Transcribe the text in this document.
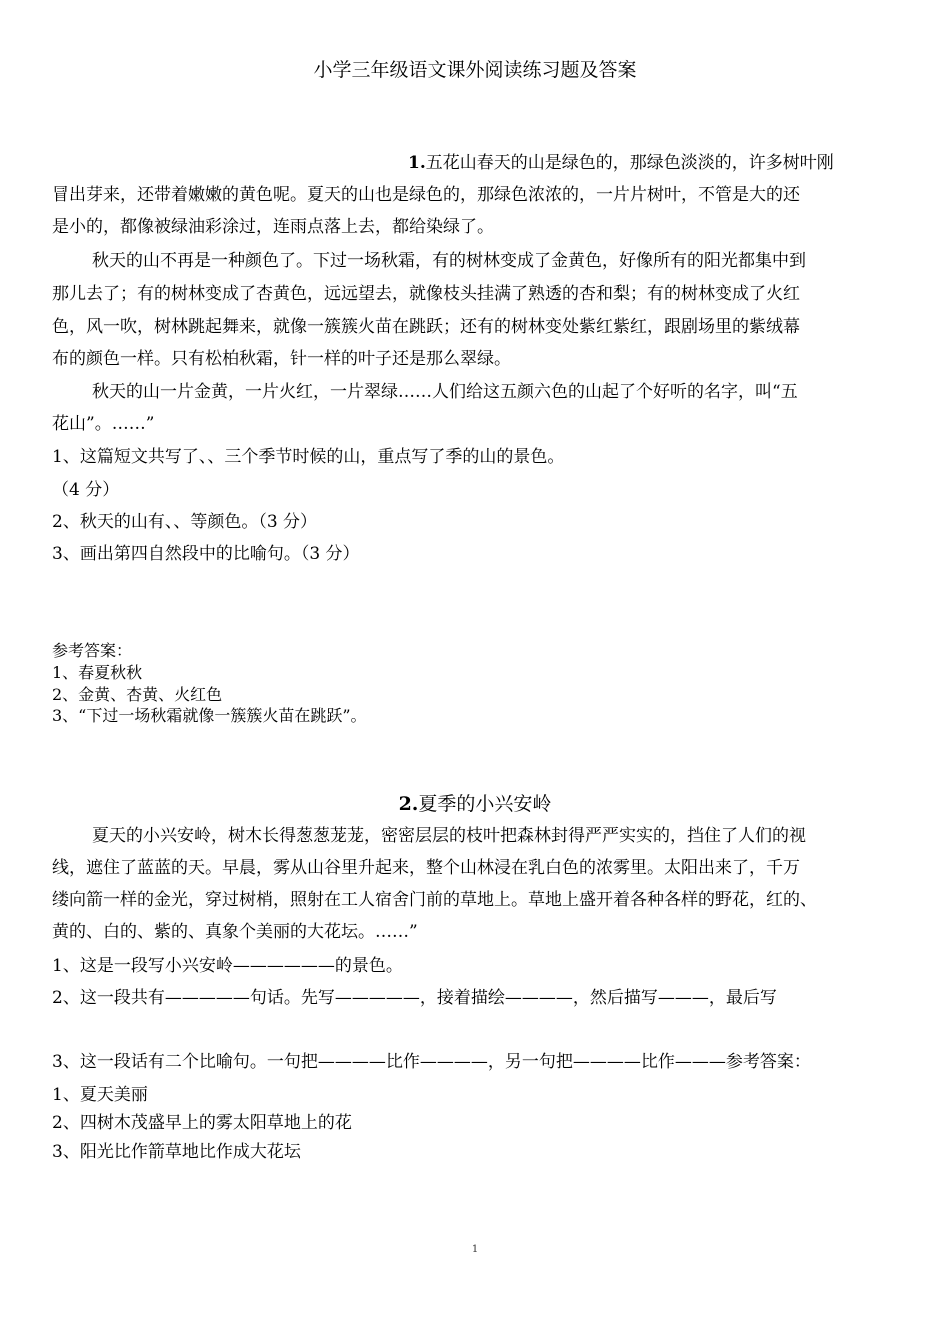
小学三年级语文课外阅读练习题及答案
1.五花山春天的山是绿色的，那绿色淡淡的，许多树叶刚
冒出芽来，还带着嫩嫩的黄色呢。夏天的山也是绿色的，那绿色浓浓的，一片片树叶，不管是大的还
是小的，都像被绿油彩涂过，连雨点落上去，都给染绿了。
秋天的山不再是一种颜色了。下过一场秋霜，有的树林变成了金黄色，好像所有的阳光都集中到
那儿去了；有的树林变成了杏黄色，远远望去，就像枝头挂满了熟透的杏和梨；有的树林变成了火红
色，风一吹，树林跳起舞来，就像一簇簇火苗在跳跃；还有的树林变处紫红紫红，跟剧场里的紫绒幕
布的颜色一样。只有松柏秋霜，针一样的叶子还是那么翠绿。
秋天的山一片金黄，一片火红，一片翠绿……人们给这五颜六色的山起了个好听的名字，叫“五
花山”。……”
1、这篇短文共写了、、三个季节时候的山，重点写了季的山的景色。
（4 分）
2、秋天的山有、、等颜色。（3 分）
3、画出第四自然段中的比喻句。（3 分）
参考答案：
1、春夏秋秋
2、金黄、杏黄、火红色
3、“下过一场秋霜就像一簇簇火苗在跳跃”。
2.夏季的小兴安岭
夏天的小兴安岭，树木长得葱葱茏茏，密密层层的枝叶把森林封得严严实实的，挡住了人们的视
线，遮住了蓝蓝的天。早晨，雾从山谷里升起来，整个山林浸在乳白色的浓雾里。太阳出来了，千万
缕向箭一样的金光，穿过树梢，照射在工人宿舍门前的草地上。草地上盛开着各种各样的野花，红的、
黄的、白的、紫的、真象个美丽的大花坛。……”
1、这是一段写小兴安岭——————的景色。
2、这一段共有—————句话。先写—————，接着描绘————，然后描写———，最后写
3、这一段话有二个比喻句。一句把————比作————，另一句把————比作———参考答案：
1、夏天美丽
2、四树木茂盛早上的雾太阳草地上的花
3、阳光比作箭草地比作成大花坛
1
